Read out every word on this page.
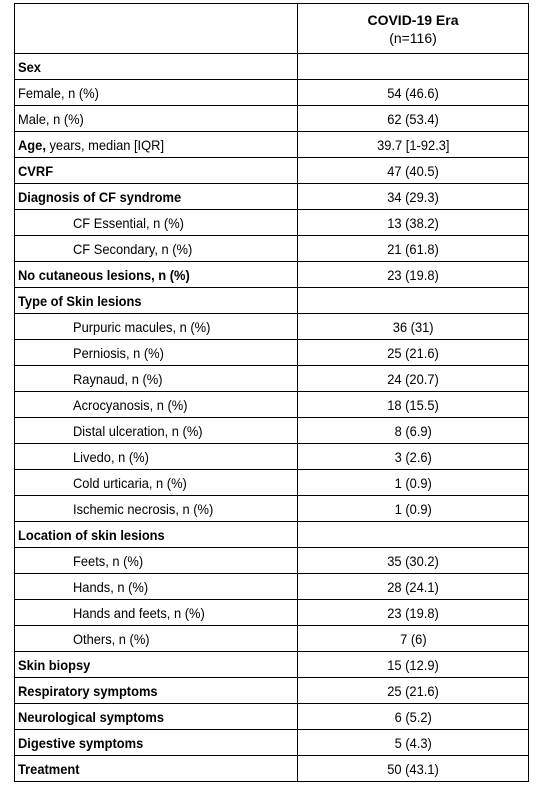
	COVID-19 Era
(n=116)

Sex	
Female, n (%)	54 (46.6)
Male, n (%)	62 (53.4)
Age, years, median [IQR]	39.7 [1-92.3]
CVRF	47 (40.5)
Diagnosis of CF syndrome	34 (29.3)
CF Essential, n (%)	13 (38.2)
CF Secondary, n (%)	21 (61.8)
No cutaneous lesions, n (%)	23 (19.8)
Type of Skin lesions	
Purpuric macules, n (%)	36 (31)
Perniosis, n (%)	25 (21.6)
Raynaud, n (%)	24 (20.7)
Acrocyanosis, n (%)	18 (15.5)
Distal ulceration, n (%)	8 (6.9)
Livedo, n (%)	3 (2.6)
Cold urticaria, n (%)	1 (0.9)
Ischemic necrosis, n (%)	1 (0.9)
Location of skin lesions	
Feets, n (%)	35 (30.2)
Hands, n (%)	28 (24.1)
Hands and feets, n (%)	23 (19.8)
Others, n (%)	7 (6)
Skin biopsy	15 (12.9)
Respiratory symptoms	25 (21.6)
Neurological symptoms	6 (5.2)
Digestive symptoms	5 (4.3)
Treatment	50 (43.1)
